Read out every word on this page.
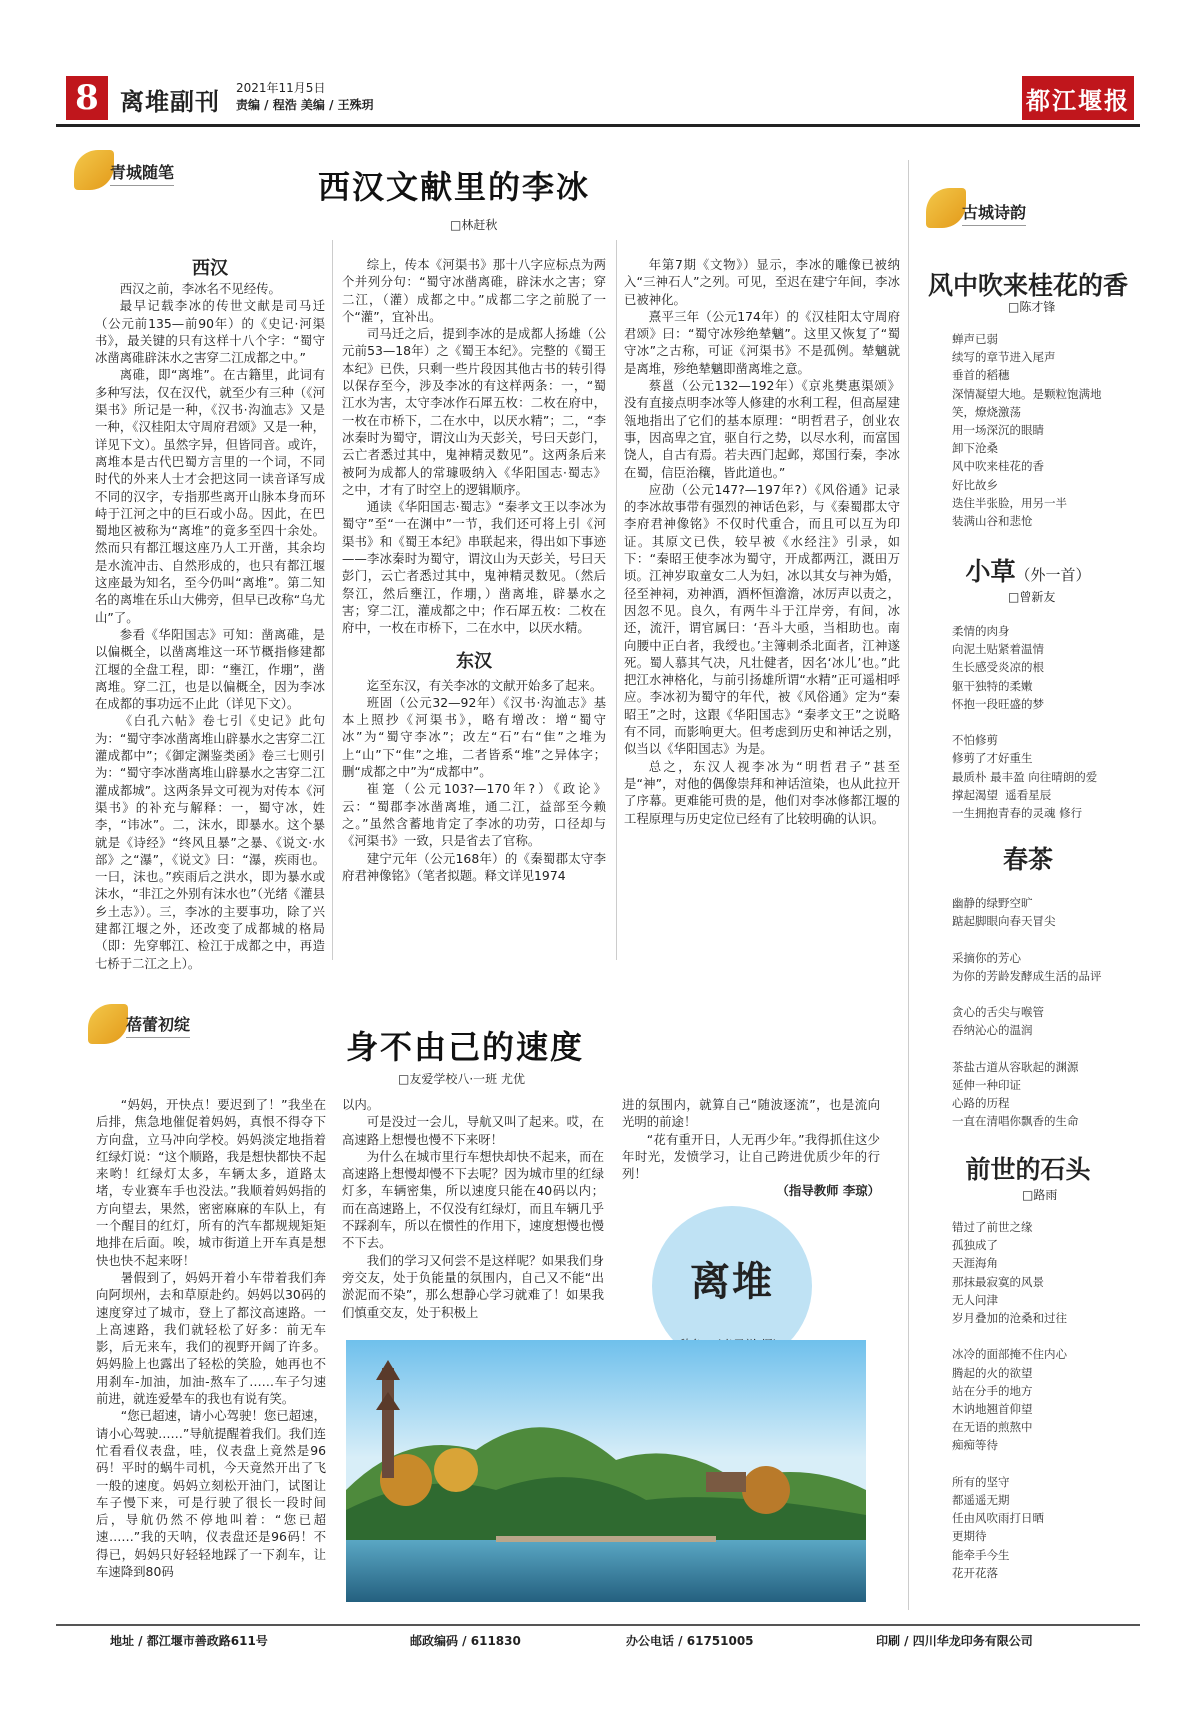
8 离堆副刊 2021年11月5日
责编 / 程浩 美编 / 王殊玥	都江堰报
青城随笔	西汉文献里的李冰
□林赶秋
西汉

西汉之前，李冰名不见经传。

最早记载李冰的传世文献是司马迁（公元前135—前90年）的《史记·河渠书》，最关键的只有这样十八个字：“蜀守冰凿离碓辟沫水之害穿二江成都之中。”

离碓，即“离堆”。在古籍里，此词有多种写法，仅在汉代，就至少有三种（《河渠书》所记是一种，《汉书·沟洫志》又是一种，《汉桂阳太守周府君颂》又是一种，详见下文）。虽然字异，但皆同音。或许，离堆本是古代巴蜀方言里的一个词，不同时代的外来人士才会把这同一读音译写成不同的汉字，专指那些离开山脉本身而环峙于江河之中的巨石或小岛。因此，在巴蜀地区被称为“离堆”的竟多至四十余处。然而只有都江堰这座乃人工开凿，其余均是水流冲击、自然形成的，也只有都江堰这座最为知名，至今仍叫“离堆”。第二知名的离堆在乐山大佛旁，但早已改称“乌尤山”了。

参看《华阳国志》可知：凿离碓，是以偏概全，以凿离堆这一环节概指修建都江堰的全盘工程，即：“壅江，作堋”，凿离堆。穿二江，也是以偏概全，因为李冰在成都的事功远不止此（详见下文）。

《白孔六帖》卷七引《史记》此句为：“蜀守李冰凿离堆山辟暴水之害穿二江灌成都中”；《御定渊鉴类函》卷三七则引为：“蜀守李冰凿离堆山辟暴水之害穿二江灌成都城”。这两条异文可视为对传本《河渠书》的补充与解释：一，蜀守冰，姓李，“讳冰”。二，沫水，即暴水。这个暴就是《诗经》“终风且暴”之暴、《说文·水部》之“瀑”，《说文》曰：“瀑，疾雨也。一曰，沫也。”疾雨后之洪水，即为暴水或沫水，“非江之外别有沫水也”（光绪《灌县乡土志》）。三，李冰的主要事功，除了兴建都江堰之外，还改变了成都城的格局（即：先穿郫江、检江于成都之中，再造七桥于二江之上）。

综上，传本《河渠书》那十八字应标点为两个并列分句：“蜀守冰凿离碓，辟沫水之害；穿二江，（灌）成都之中。”成都二字之前脱了一个“灌”，宜补出。

司马迁之后，提到李冰的是成都人扬雄（公元前53—18年）之《蜀王本纪》。完整的《蜀王本纪》已佚，只剩一些片段因其他古书的转引得以保存至今，涉及李冰的有这样两条：一，“蜀江水为害，太守李冰作石犀五枚：二枚在府中，一枚在市桥下，二在水中，以厌水精”；二，“李冰秦时为蜀守，谓汶山为天彭关，号曰天彭门，云亡者悉过其中，鬼神精灵数见”。这两条后来被阿为成都人的常璩吸纳入《华阳国志·蜀志》之中，才有了时空上的逻辑顺序。

通读《华阳国志·蜀志》“秦孝文王以李冰为蜀守”至“一在渊中”一节，我们还可将上引《河渠书》和《蜀王本纪》串联起来，得出如下事迹——李冰秦时为蜀守，谓汶山为天彭关，号曰天彭门，云亡者悉过其中，鬼神精灵数见。（然后祭江，然后壅江，作堋，）凿离堆，辟暴水之害；穿二江，灌成都之中；作石犀五枚：二枚在府中，一枚在市桥下，二在水中，以厌水精。

东汉

迄至东汉，有关李冰的文献开始多了起来。

班固（公元32—92年）《汉书·沟洫志》基本上照抄《河渠书》，略有增改：增“蜀守冰”为“蜀守李冰”；改左“石”右“隹”之堆为上“山”下“隹”之堆，二者皆系“堆”之异体字；删“成都之中”为“成都中”。

崔寔（公元103?—170年?）《政论》云：“蜀郡李冰凿离堆，通二江，益部至今赖之。”虽然含蓄地肯定了李冰的功劳，口径却与《河渠书》一致，只是省去了官称。

建宁元年（公元168年）的《秦蜀郡太守李府君神像铭》（笔者拟题。释文详见1974

年第7期《文物》）显示，李冰的雕像已被纳入“三神石人”之列。可见，至迟在建宁年间，李冰已被神化。

熹平三年（公元174年）的《汉桂阳太守周府君颂》曰：“蜀守冰殄绝辇魑”。这里又恢复了“蜀守冰”之古称，可证《河渠书》不是孤例。辇魑就是离堆，殄绝辇魑即凿离堆之意。

蔡邕（公元132—192年）《京兆樊惠渠颂》没有直接点明李冰等人修建的水利工程，但高屋建瓴地指出了它们的基本原理：“明哲君子，创业农事，因高卑之宜，驱自行之势，以尽水利，而富国饶人，自古有焉。若夫西门起邺，郑国行秦，李冰在蜀，信臣治穰，皆此道也。”

应劭（公元147?—197年?）《风俗通》记录的李冰故事带有强烈的神话色彩，与《秦蜀郡太守李府君神像铭》不仅时代重合，而且可以互为印证。其原文已佚，较早被《水经注》引录，如下：“秦昭王使李冰为蜀守，开成都两江，溉田万顷。江神岁取童女二人为妇，冰以其女与神为婚，径至神祠，劝神酒，酒杯恒澹澹，冰厉声以责之，因忽不见。良久，有两牛斗于江岸旁，有间，冰还，流汗，谓官属曰：‘吾斗大亟，当相助也。南向腰中正白者，我绶也。’主簿刺杀北面者，江神遂死。蜀人慕其气决，凡壮健者，因名‘冰儿’也。”此把江水神格化，与前引扬雄所谓“水精”正可遥相呼应。李冰初为蜀守的年代，被《风俗通》定为“秦昭王”之时，这跟《华阳国志》“秦孝文王”之说略有不同，而影响更大。但考虑到历史和神话之别，似当以《华阳国志》为是。

总之，东汉人视李冰为“明哲君子”甚至是“神”，对他的偶像崇拜和神话渲染，也从此拉开了序幕。更难能可贵的是，他们对李冰修都江堰的工程原理与历史定位已经有了比较明确的认识。

蓓蕾初绽
身不由己的速度
□友爱学校八·一班 尤优

“妈妈，开快点！要迟到了！”我坐在后排，焦急地催促着妈妈，真恨不得夺下方向盘，立马冲向学校。妈妈淡定地指着红绿灯说：“这个顺路，我是想快都快不起来哟！红绿灯太多，车辆太多，道路太堵，专业赛车手也没法。”我顺着妈妈指的方向望去，果然，密密麻麻的车队上，有一个醒目的红灯，所有的汽车都规规矩矩地排在后面。唉，城市街道上开车真是想快也快不起来呀！

暑假到了，妈妈开着小车带着我们奔向阿坝州，去和草原赴约。妈妈以30码的速度穿过了城市，登上了都汶高速路。一上高速路，我们就轻松了好多：前无车影，后无来车，我们的视野开阔了许多。妈妈脸上也露出了轻松的笑脸，她再也不用刹车-加油，加油-熬车了……车子匀速前进，就连爱晕车的我也有说有笑。

“您已超速，请小心驾驶！您已超速，请小心驾驶……”导航提醒着我们。我们连忙看看仪表盘，哇，仪表盘上竟然是96码！平时的蜗牛司机，今天竟然开出了飞一般的速度。妈妈立刻松开油门，试图让车子慢下来，可是行驶了很长一段时间后，导航仍然不停地叫着：“您已超速……”我的天呐，仪表盘还是96码！不得已，妈妈只好轻轻地踩了一下刹车，让车速降到80码

以内。

可是没过一会儿，导航又叫了起来。哎，在高速路上想慢也慢不下来呀！

为什么在城市里行车想快却快不起来，而在高速路上想慢却慢不下去呢？因为城市里的红绿灯多，车辆密集，所以速度只能在40码以内；而在高速路上，不仅没有红绿灯，而且车辆几乎不踩刹车，所以在惯性的作用下，速度想慢也慢不下去。

我们的学习又何尝不是这样呢？如果我们身旁交友，处于负能量的氛围内，自己又不能“出淤泥而不染”，那么想静心学习就难了！如果我们慎重交友，处于积极上

进的氛围内，就算自己“随波逐流”，也是流向光明的前途！

“花有重开日，人无再少年。”我得抓住这少年时光，发愤学习，让自己跨进优质少年的行列！

（指导教师 李琼）
离堆
古城诗韵
风中吹来桂花的香
□陈才锋
蝉声已弱
续写的章节进入尾声
垂首的稻穗
深情凝望大地。是颗粒饱满地
笑，燎烧激荡
用一场深沉的眼睛
卸下沧桑
风中吹来桂花的香
好比故乡
迭住半张脸，用另一半
装满山谷和悲怆
小草（外一首）
□曾新友
柔情的肉身
向泥土贴紧着温情
生长感受炎凉的根
躯干独特的柔嫩
怀抱一段旺盛的梦

不怕修剪
修剪了才好重生
最质朴 最丰盈 向往晴朗的爱
撑起渴望  遥看星辰
一生拥抱青春的灵魂 修行
春茶
幽静的绿野空旷
踮起脚眼向春天冒尖

采摘你的芳心
为你的芳龄发酵成生活的品评

贪心的舌尖与喉管
吞纳沁心的温润

茶盐古道从容耿起的渊源
延伸一种印证
心路的历程
一直在清唱你飘香的生命
前世的石头
□路雨
错过了前世之缘
孤独成了
天涯海角
那抹最寂寞的风景
无人问津
岁月叠加的沧桑和过往

冰冷的面部掩不住内心
腾起的火的欲望
站在分手的地方
木讷地翘首仰望
在无语的煎熬中
痴痴等待

所有的坚守
都遥遥无期
任由风吹雨打日晒
更期待
能牵手今生
花开花落
地址 / 都江堰市善政路611号	邮政编码 / 611830	办公电话 / 61751005	印刷 / 四川华龙印务有限公司
